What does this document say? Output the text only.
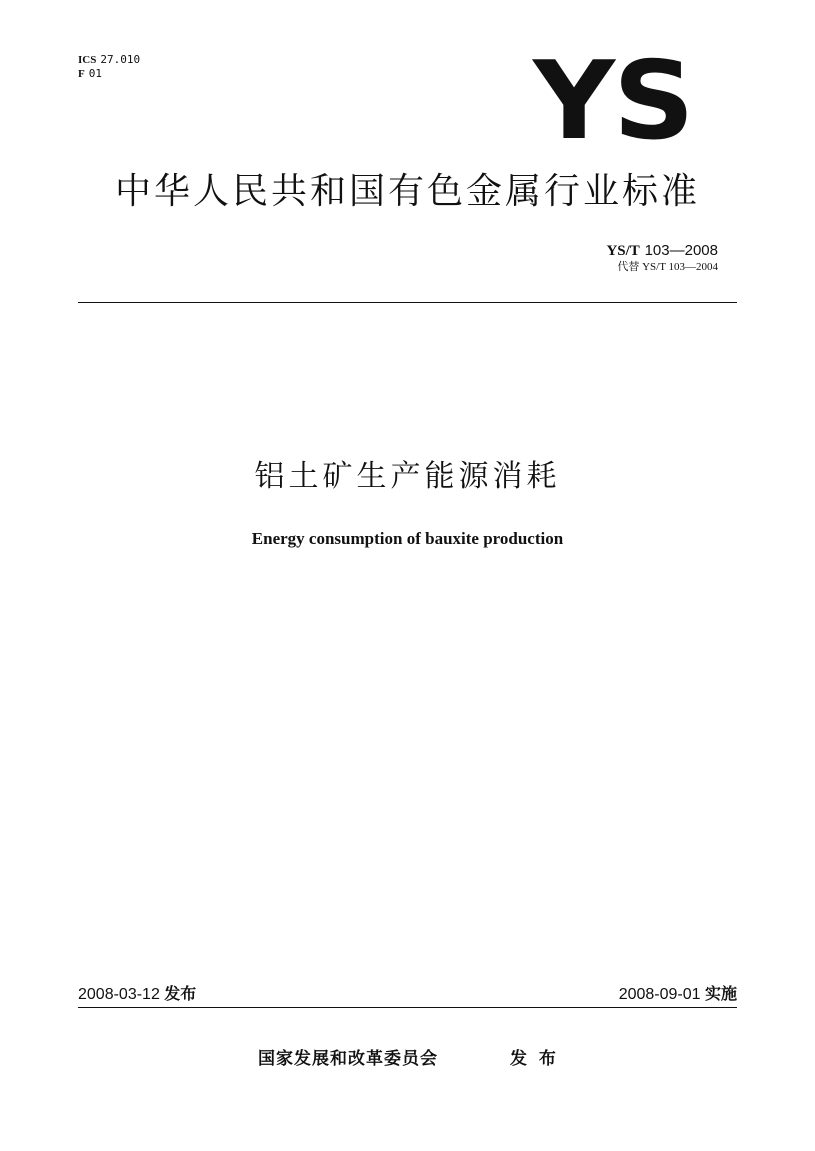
ICS 27.010
F 01	YS
中华人民共和国有色金属行业标准
YS/T 103—2008
代替 YS/T 103—2004
铝土矿生产能源消耗
Energy consumption of bauxite production
2008-03-12 发布	2008-09-01 实施
国家发展和改革委员会	发 布
